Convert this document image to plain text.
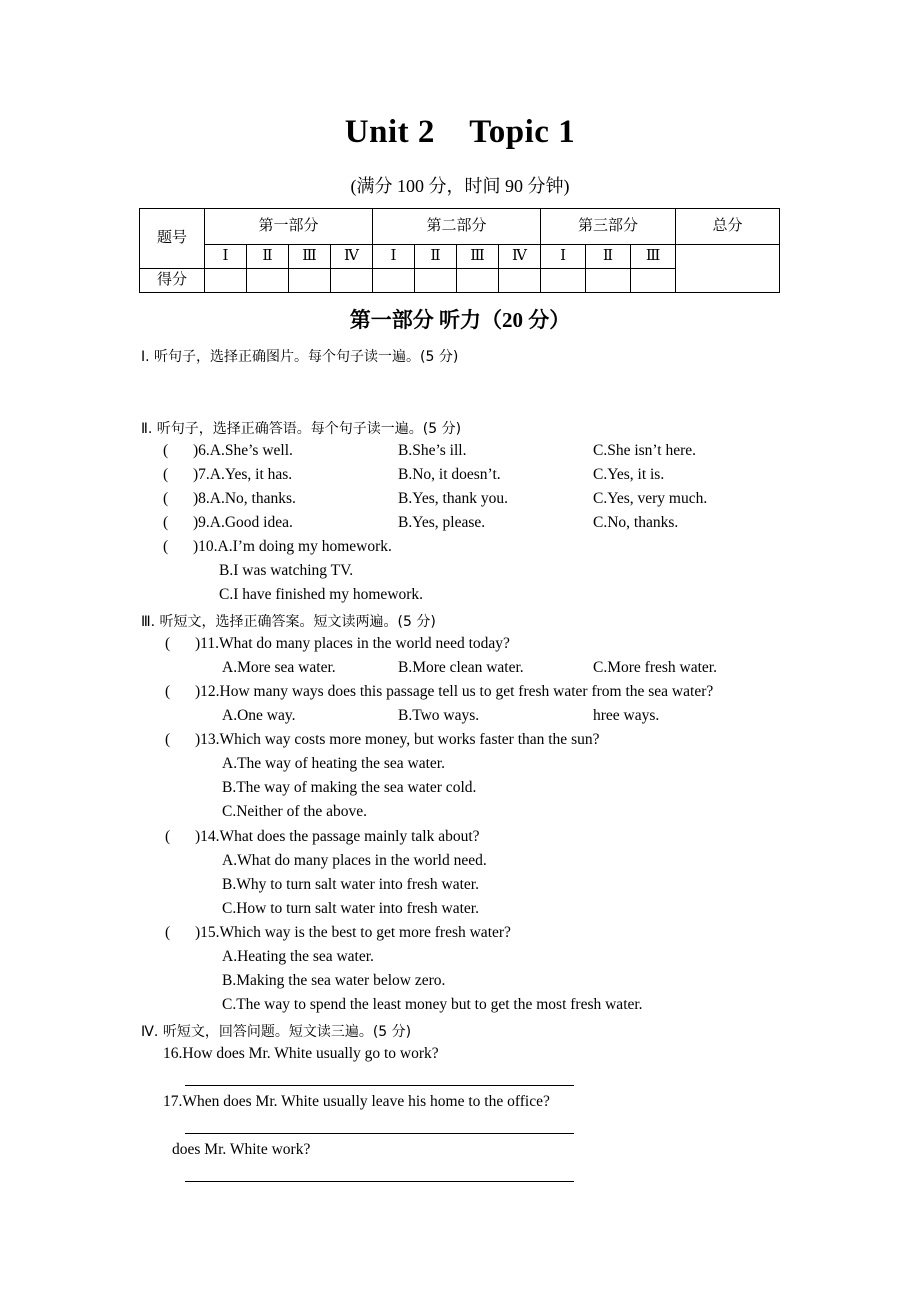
Unit 2    Topic 1
(满分 100 分，时间 90 分钟)
题号	第一部分				第二部分				第三部分			总分
	Ⅰ	Ⅱ	Ⅲ	Ⅳ	Ⅰ	Ⅱ	Ⅲ	Ⅳ	Ⅰ	Ⅱ	Ⅲ	
得分												
第一部分 听力（20 分）
Ⅰ. 听句子，选择正确图片。每个句子读一遍。(5 分)
Ⅱ. 听句子，选择正确答语。每个句子读一遍。(5 分)
( )6.A.She’s well.	B.She’s ill.	C.She isn’t here.
( )7.A.Yes, it has.	B.No, it doesn’t.	C.Yes, it is.
( )8.A.No, thanks.	B.Yes, thank you.	C.Yes, very much.
( )9.A.Good idea.	B.Yes, please.	C.No, thanks.
( )10.A.I’m doing my homework.
B.I was watching TV.
C.I have finished my homework.
Ⅲ. 听短文，选择正确答案。短文读两遍。(5 分)
( )11.What do many places in the world need today?
A.More sea water.	B.More clean water.	C.More fresh water.
( )12.How many ways does this passage tell us to get fresh water from the sea water?
A.One way.	B.Two ways.	hree ways.
( )13.Which way costs more money, but works faster than the sun?
A.The way of heating the sea water.
B.The way of making the sea water cold.
C.Neither of the above.
( )14.What does the passage mainly talk about?
A.What do many places in the world need.
B.Why to turn salt water into fresh water.
C.How to turn salt water into fresh water.
( )15.Which way is the best to get more fresh water?
A.Heating the sea water.
B.Making the sea water below zero.
C.The way to spend the least money but to get the most fresh water.
Ⅳ. 听短文，回答问题。短文读三遍。(5 分)
16.How does Mr. White usually go to work?
17.When does Mr. White usually leave his home to the office?
does Mr. White work?
